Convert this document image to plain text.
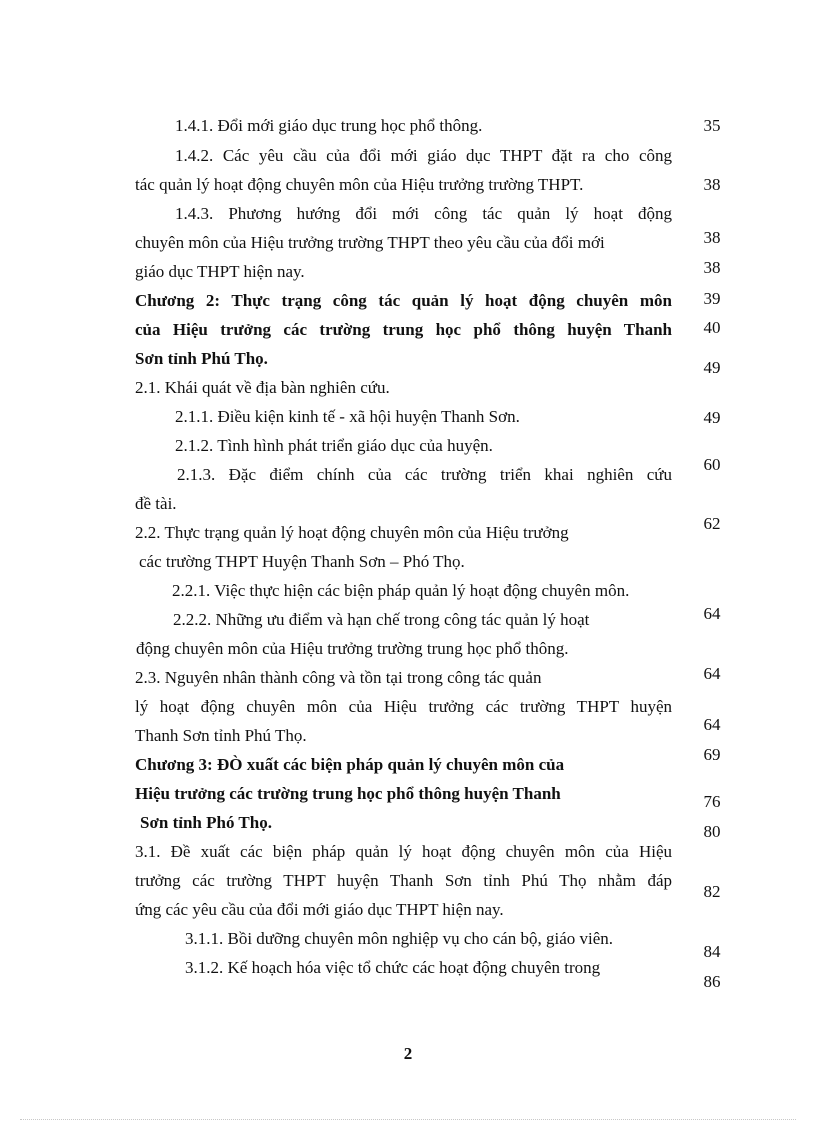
1.4.1. Đổi mới giáo dục trung học phổ thông.
1.4.2. Các yêu cầu của đổi mới giáo dục THPT đặt ra cho công
tác quản lý hoạt động chuyên môn của Hiệu trưởng trường THPT.
1.4.3. Phương hướng đổi mới công tác quản lý hoạt động
chuyên môn của Hiệu trưởng trường THPT theo yêu cầu của đổi mới
giáo dục THPT hiện nay.
Chương 2: Thực trạng công tác quản lý hoạt động chuyên môn
của Hiệu trưởng các trường trung học phổ thông huyện Thanh
Sơn tỉnh Phú Thọ.
2.1. Khái quát về địa bàn nghiên cứu.
2.1.1. Điều kiện kinh tế - xã hội huyện Thanh Sơn.
2.1.2. Tình hình phát triển giáo dục của huyện.
2.1.3. Đặc điểm chính của các trường triển khai nghiên cứu
đề tài.
2.2. Thực trạng quản lý hoạt động chuyên môn của Hiệu trưởng
các trường THPT Huyện Thanh Sơn – Phó Thọ.
2.2.1. Việc thực hiện các biện pháp quản lý hoạt động chuyên môn.
2.2.2. Những ưu điểm và hạn chế trong công tác quản lý hoạt
động chuyên môn của Hiệu trưởng trường trung học phổ thông.
2.3. Nguyên nhân thành công và tồn tại trong công tác quản
lý hoạt động chuyên môn của Hiệu trưởng các trường THPT huyện
Thanh Sơn tỉnh Phú Thọ.
Chương 3: ĐÒ xuất các biện pháp quản lý chuyên môn của
Hiệu trưởng các trường trung học phổ thông huyện Thanh
Sơn tỉnh Phó Thọ.
3.1. Đề xuất các biện pháp quản lý hoạt động chuyên môn của Hiệu
trưởng các trường THPT huyện Thanh Sơn tỉnh Phú Thọ nhằm đáp
ứng các yêu cầu của đổi mới giáo dục THPT hiện nay.
3.1.1. Bồi dưỡng chuyên môn nghiệp vụ cho cán bộ, giáo viên.
3.1.2. Kế hoạch hóa việc tổ chức các hoạt động chuyên trong
35
38
38
38
39
40
49
49
60
62
64
64
64
69
76
80
82
84
86
2
